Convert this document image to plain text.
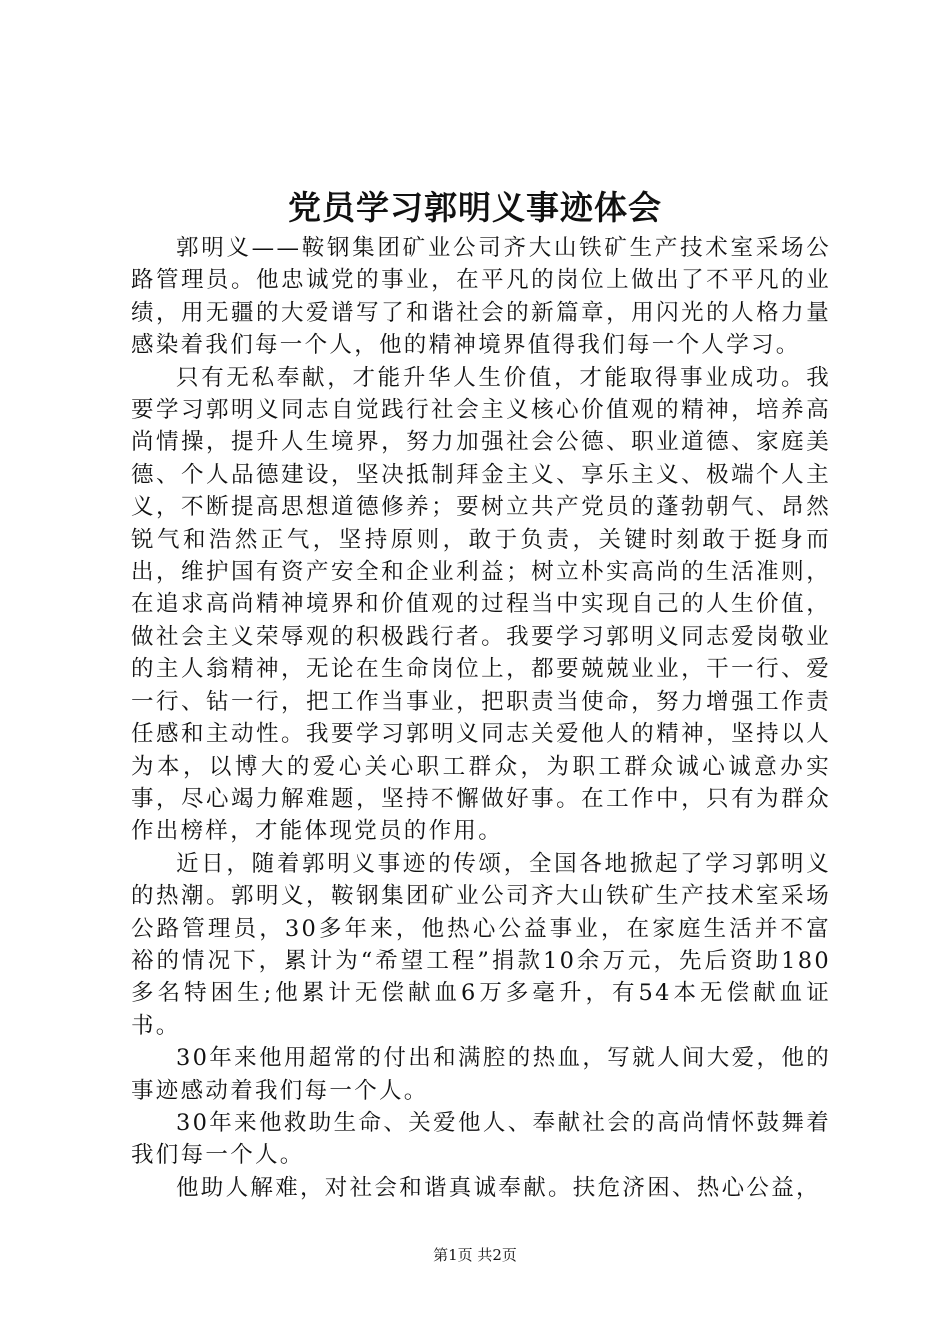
党员学习郭明义事迹体会

郭明义——鞍钢集团矿业公司齐大山铁矿生产技术室采场公路管理员。他忠诚党的事业，在平凡的岗位上做出了不平凡的业绩，用无疆的大爱谱写了和谐社会的新篇章，用闪光的人格力量感染着我们每一个人，他的精神境界值得我们每一个人学习。

只有无私奉献，才能升华人生价值，才能取得事业成功。我要学习郭明义同志自觉践行社会主义核心价值观的精神，培养高尚情操，提升人生境界，努力加强社会公德、职业道德、家庭美德、个人品德建设，坚决抵制拜金主义、享乐主义、极端个人主义，不断提高思想道德修养；要树立共产党员的蓬勃朝气、昂然锐气和浩然正气，坚持原则，敢于负责，关键时刻敢于挺身而出，维护国有资产安全和企业利益；树立朴实高尚的生活准则，在追求高尚精神境界和价值观的过程当中实现自己的人生价值，做社会主义荣辱观的积极践行者。我要学习郭明义同志爱岗敬业的主人翁精神，无论在生命岗位上，都要兢兢业业，干一行、爱一行、钻一行，把工作当事业，把职责当使命，努力增强工作责任感和主动性。我要学习郭明义同志关爱他人的精神，坚持以人为本，以博大的爱心关心职工群众，为职工群众诚心诚意办实事，尽心竭力解难题，坚持不懈做好事。在工作中，只有为群众作出榜样，才能体现党员的作用。

近日，随着郭明义事迹的传颂，全国各地掀起了学习郭明义的热潮。郭明义，鞍钢集团矿业公司齐大山铁矿生产技术室采场公路管理员，30多年来，他热心公益事业，在家庭生活并不富裕的情况下，累计为“希望工程”捐款10余万元，先后资助180多名特困生;他累计无偿献血6万多毫升，有54本无偿献血证书。

30年来他用超常的付出和满腔的热血，写就人间大爱，他的事迹感动着我们每一个人。

30年来他救助生命、关爱他人、奉献社会的高尚情怀鼓舞着我们每一个人。

他助人解难，对社会和谐真诚奉献。扶危济困、热心公益，

第1页 共2页
